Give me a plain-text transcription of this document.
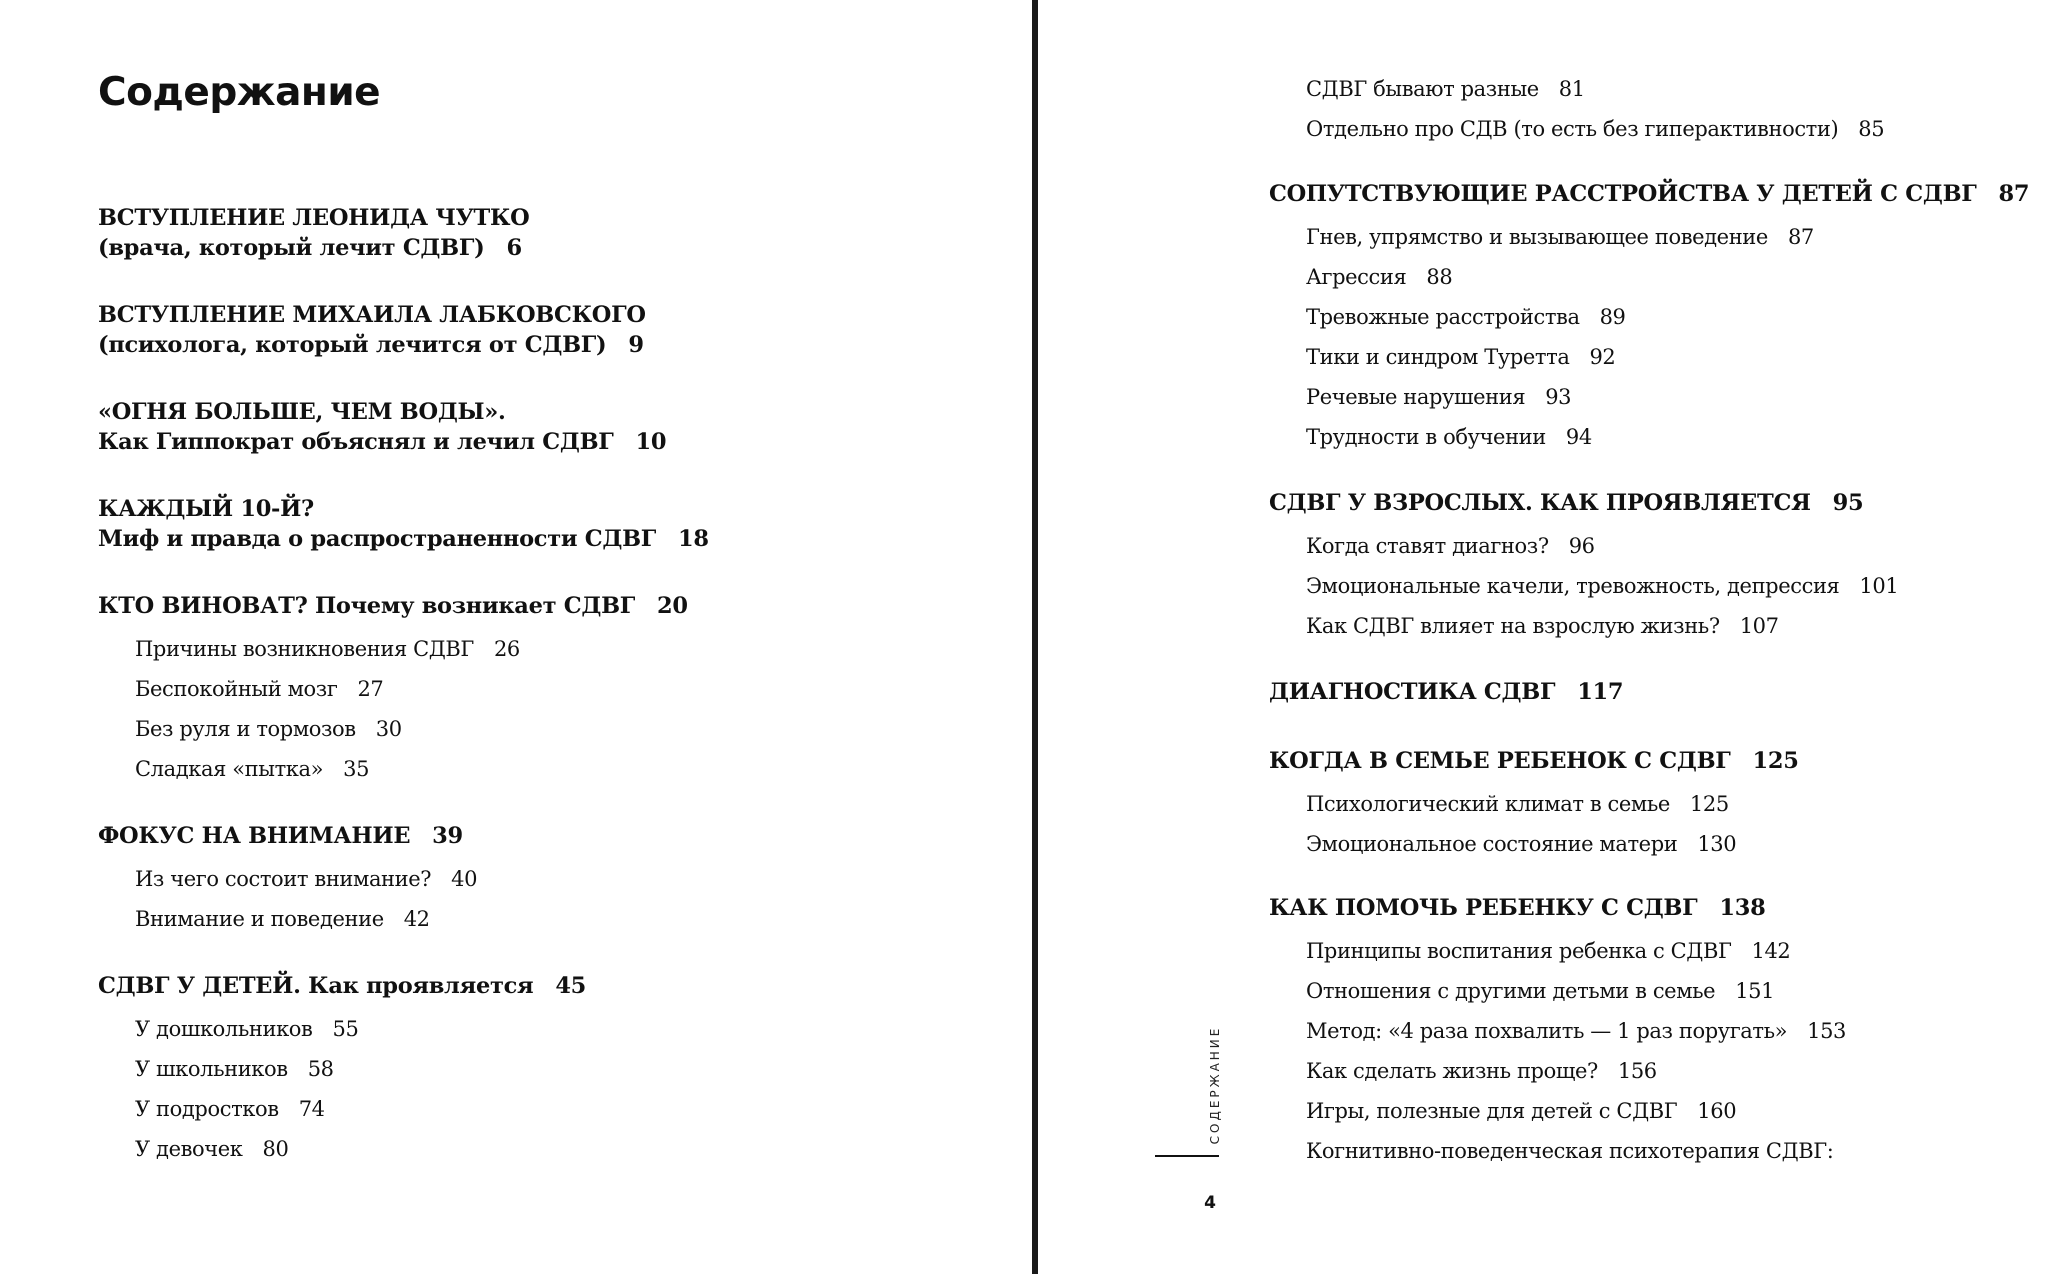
Содержание
ВСТУПЛЕНИЕ ЛЕОНИДА ЧУТКО
(врача, который лечит СДВГ) 6
ВСТУПЛЕНИЕ МИХАИЛА ЛАБКОВСКОГО
(психолога, который лечится от СДВГ) 9
«ОГНЯ БОЛЬШЕ, ЧЕМ ВОДЫ».
Как Гиппократ объяснял и лечил СДВГ 10
КАЖДЫЙ 10-Й?
Миф и правда о распространенности СДВГ 18
КТО ВИНОВАТ? Почему возникает СДВГ 20
Причины возникновения СДВГ 26
Беспокойный мозг 27
Без руля и тормозов 30
Сладкая «пытка» 35
ФОКУС НА ВНИМАНИЕ 39
Из чего состоит внимание? 40
Внимание и поведение 42
СДВГ У ДЕТЕЙ. Как проявляется 45
У дошкольников 55
У школьников 58
У подростков 74
У девочек 80
СДВГ бывают разные 81
Отдельно про СДВ (то есть без гиперактивности) 85
СОПУТСТВУЮЩИЕ РАССТРОЙСТВА У ДЕТЕЙ С СДВГ 87
Гнев, упрямство и вызывающее поведение 87
Агрессия 88
Тревожные расстройства 89
Тики и синдром Туретта 92
Речевые нарушения 93
Трудности в обучении 94
СДВГ У ВЗРОСЛЫХ. КАК ПРОЯВЛЯЕТСЯ 95
Когда ставят диагноз? 96
Эмоциональные качели, тревожность, депрессия 101
Как СДВГ влияет на взрослую жизнь? 107
ДИАГНОСТИКА СДВГ 117
КОГДА В СЕМЬЕ РЕБЕНОК С СДВГ 125
Психологический климат в семье 125
Эмоциональное состояние матери 130
КАК ПОМОЧЬ РЕБЕНКУ С СДВГ 138
Принципы воспитания ребенка с СДВГ 142
Отношения с другими детьми в семье 151
Метод: «4 раза похвалить — 1 раз поругать» 153
Как сделать жизнь проще? 156
Игры, полезные для детей с СДВГ 160
Когнитивно-поведенческая психотерапия СДВГ:
СОДЕРЖАНИЕ
4
